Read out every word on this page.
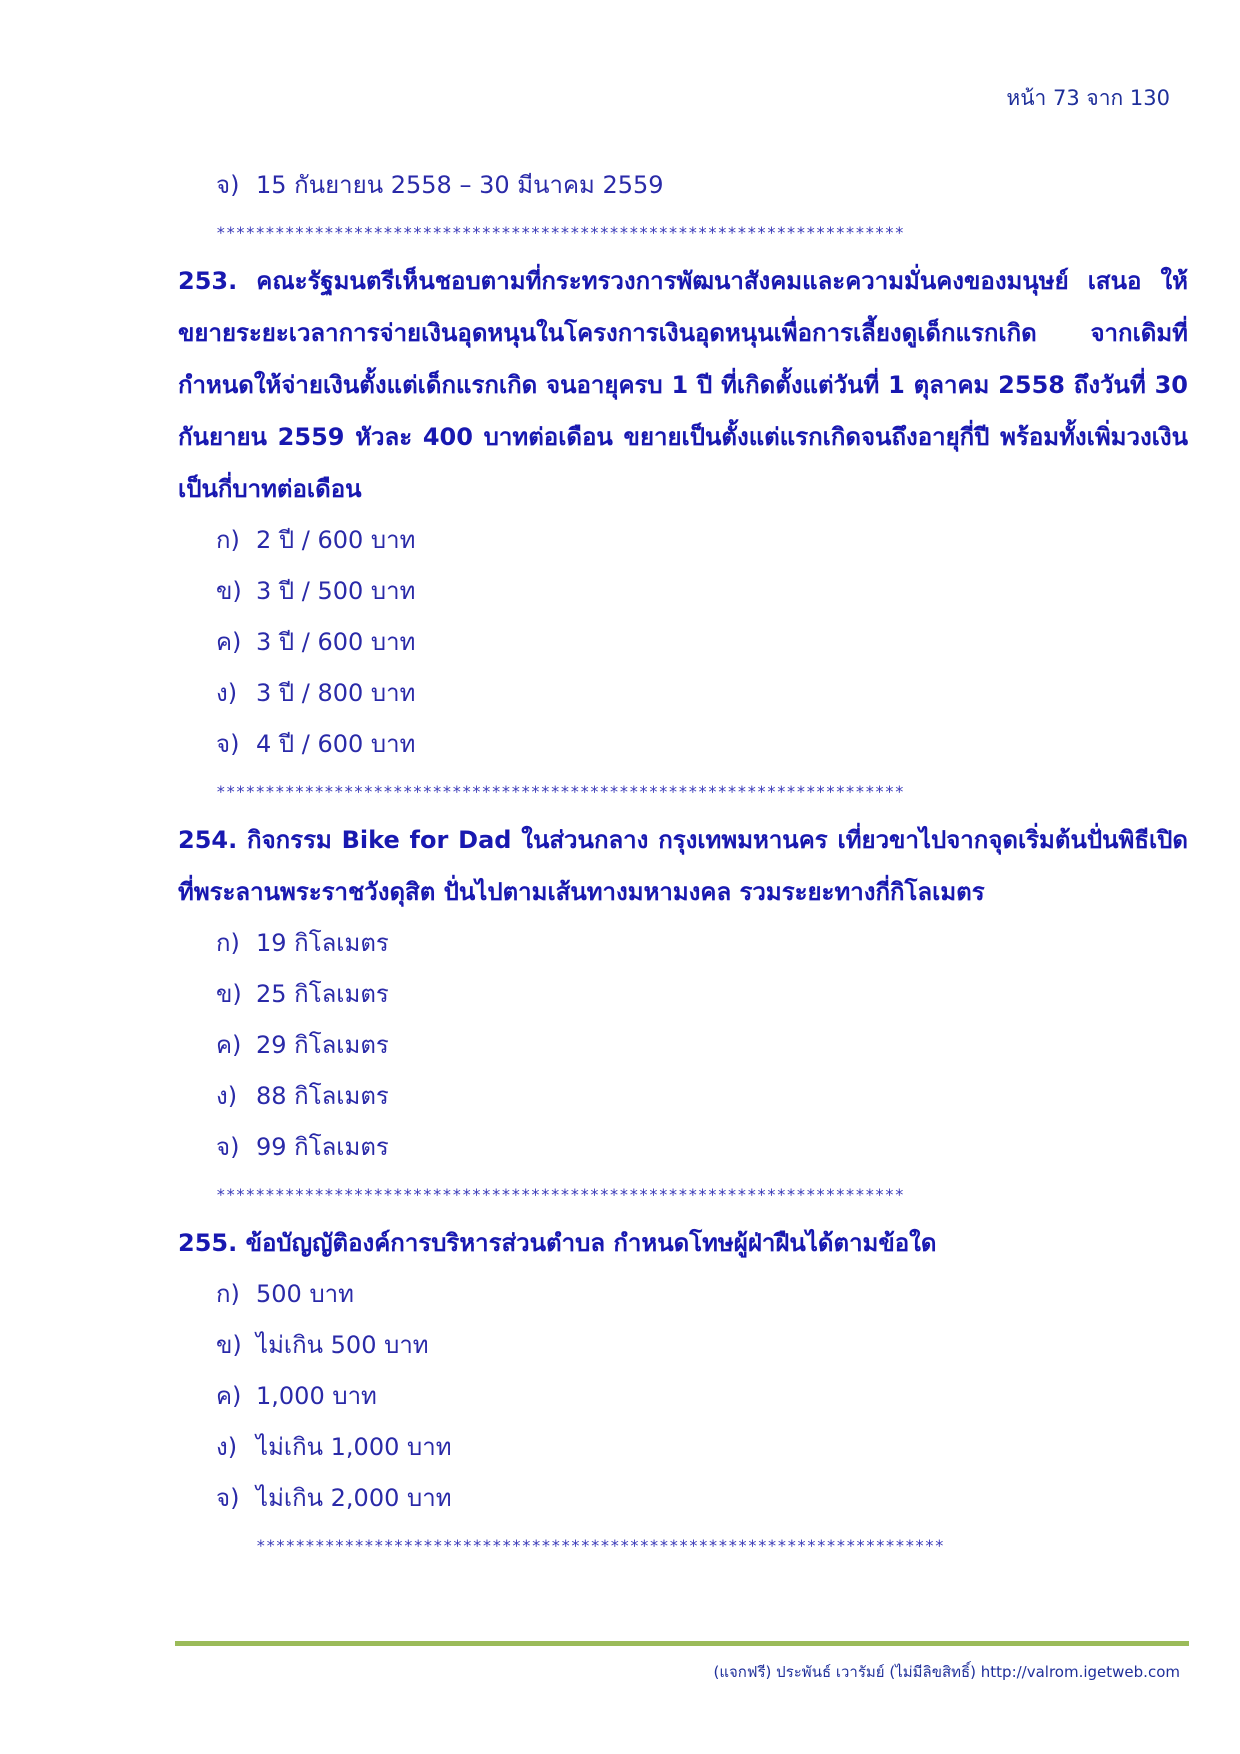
หน้า 73 จาก 130
จ) 15 กันยายน 2558 – 30 มีนาคม 2559
**********************************************************************

253. คณะรัฐมนตรีเห็นชอบตามที่กระทรวงการพัฒนาสังคมและความมั่นคงของมนุษย์ เสนอ ให้ขยายระยะเวลาการจ่ายเงินอุดหนุนในโครงการเงินอุดหนุนเพื่อการเลี้ยงดูเด็กแรกเกิด จากเดิมที่กำหนดให้จ่ายเงินตั้งแต่เด็กแรกเกิด จนอายุครบ 1 ปี ที่เกิดตั้งแต่วันที่ 1 ตุลาคม 2558 ถึงวันที่ 30 กันยายน 2559 หัวละ 400 บาทต่อเดือน ขยายเป็นตั้งแต่แรกเกิดจนถึงอายุกี่ปี พร้อมทั้งเพิ่มวงเงินเป็นกี่บาทต่อเดือน

ก) 2 ปี / 600 บาท
ข) 3 ปี / 500 บาท
ค) 3 ปี / 600 บาท
ง) 3 ปี / 800 บาท
จ) 4 ปี / 600 บาท
**********************************************************************

254. กิจกรรม Bike for Dad ในส่วนกลาง กรุงเทพมหานคร เที่ยวขาไปจากจุดเริ่มต้นปั่นพิธีเปิดที่พระลานพระราชวังดุสิต ปั่นไปตามเส้นทางมหามงคล รวมระยะทางกี่กิโลเมตร

ก) 19 กิโลเมตร
ข) 25 กิโลเมตร
ค) 29 กิโลเมตร
ง) 88 กิโลเมตร
จ) 99 กิโลเมตร
**********************************************************************

255. ข้อบัญญัติองค์การบริหารส่วนตำบล กำหนดโทษผู้ฝ่าฝืนได้ตามข้อใด

ก) 500 บาท
ข) ไม่เกิน 500 บาท
ค) 1,000 บาท
ง) ไม่เกิน 1,000 บาท
จ) ไม่เกิน 2,000 บาท
**********************************************************************
(แจกฟรี) ประพันธ์ เวารัมย์ (ไม่มีลิขสิทธิ์) http://valrom.igetweb.com
